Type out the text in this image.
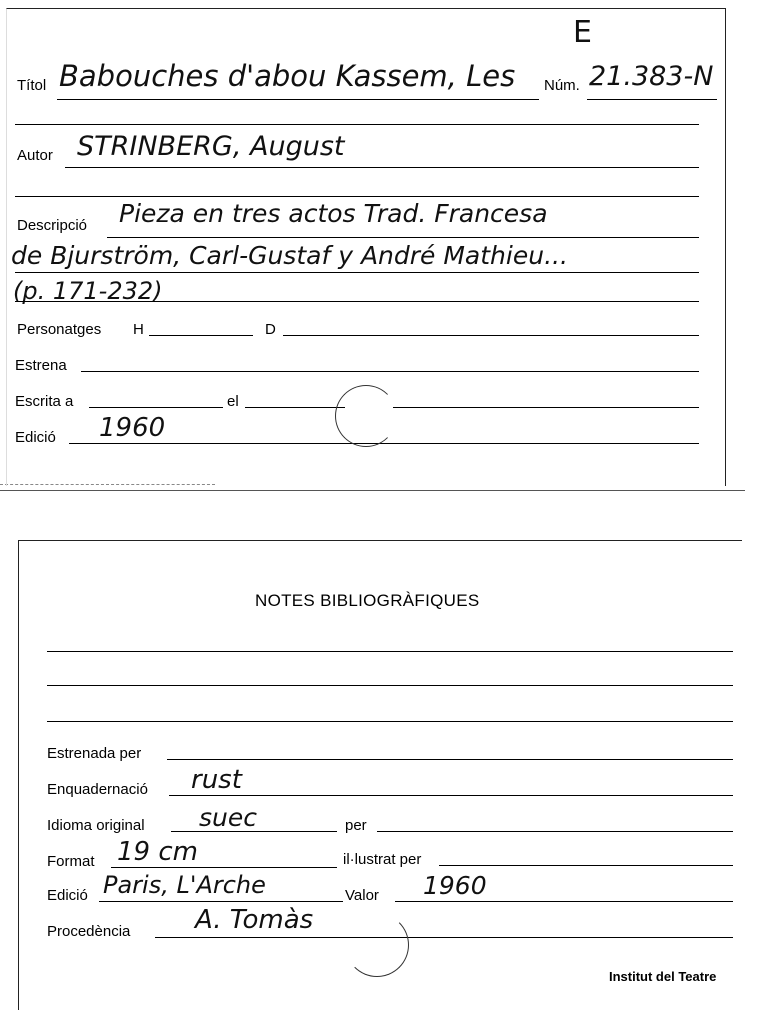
E
Títol Babouches d'abou Kassem, Les Núm. 21.383-N
Autor STRINBERG, August
Descripció Pieza en tres actos Trad. Francesa
de Bjurström, Carl-Gustaf y André Mathieu...
(p. 171-232)
Personatges H	D
Estrena
Escrita a	el
Edició 1960
NOTES BIBLIOGRÀFIQUES
Estrenada per
Enquadernació rust
Idioma original suec	per
Format 19 cm	il·lustrat per
Edició Paris, L'Arche	Valor 1960
Procedència A. Tomàs
Institut del Teatre
